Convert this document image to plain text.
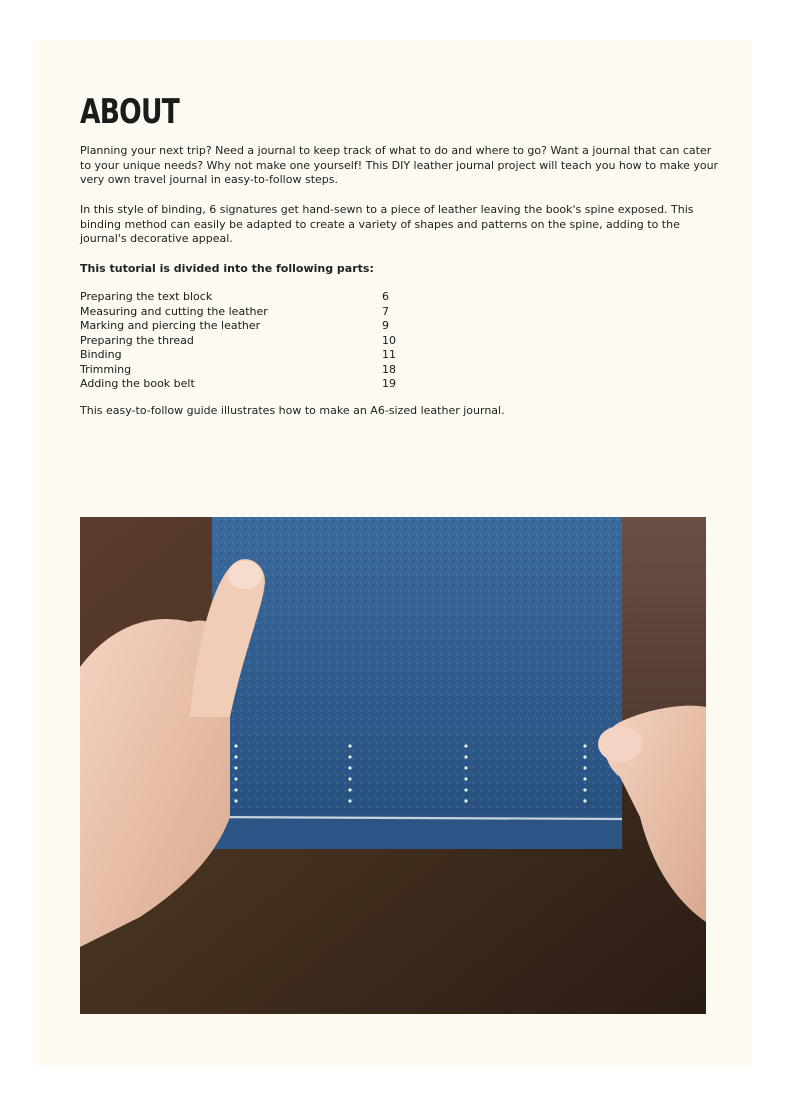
ABOUT

Planning your next trip? Need a journal to keep track of what to do and where to go? Want a journal that can cater to your unique needs? Why not make one yourself! This DIY leather journal project will teach you how to make your very own travel journal in easy-to-follow steps.

In this style of binding, 6 signatures get hand-sewn to a piece of leather leaving the book's spine exposed. This binding method can easily be adapted to create a variety of shapes and patterns on the spine, adding to the journal's decorative appeal.

This tutorial is divided into the following parts:

Preparing the text block	6
Measuring and cutting the leather	7
Marking and piercing the leather	9
Preparing the thread	10
Binding	11
Trimming	18
Adding the book belt	19

This easy-to-follow guide illustrates how to make an A6-sized leather journal.
